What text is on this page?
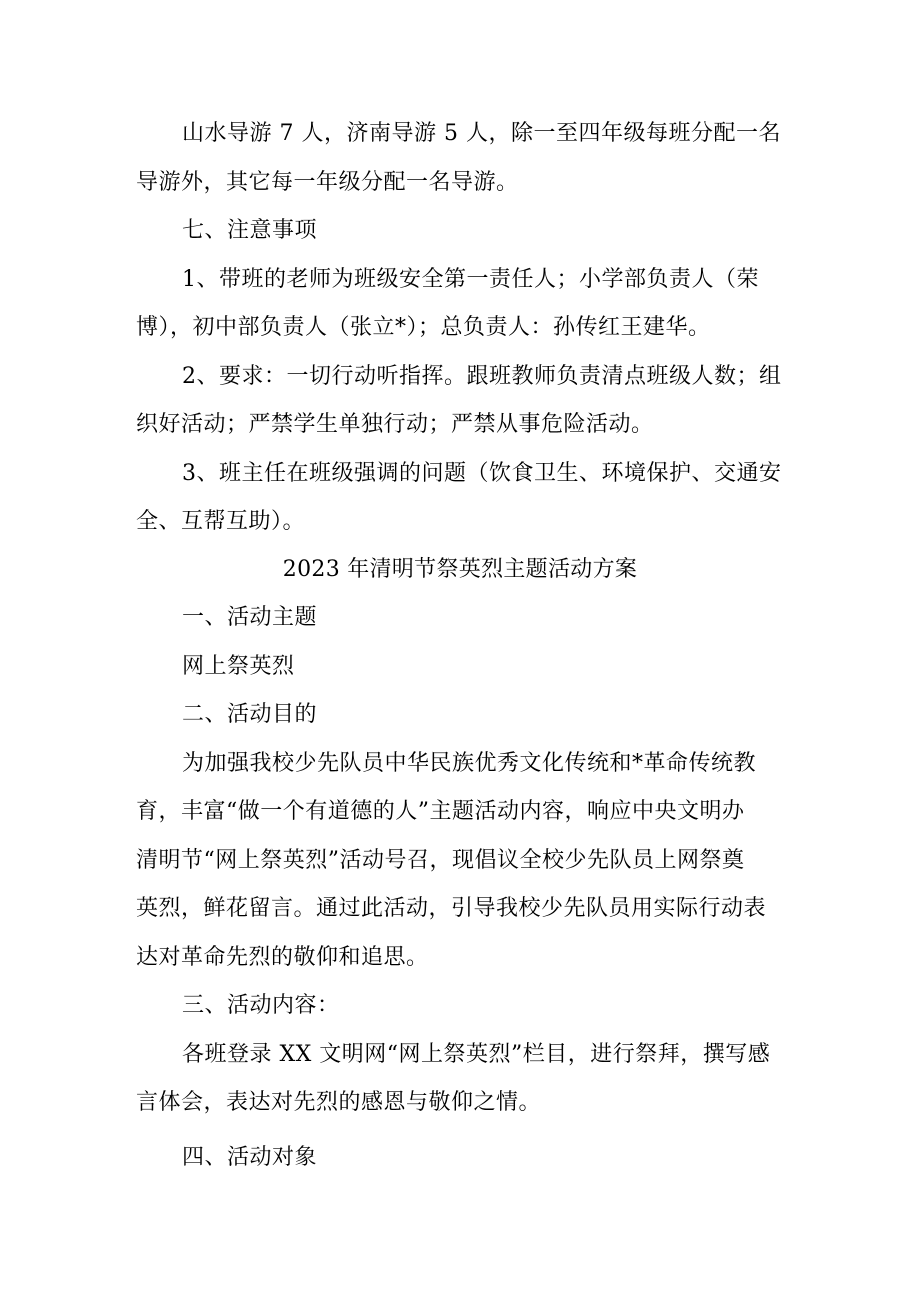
山水导游 7 人，济南导游 5 人，除一至四年级每班分配一名
导游外，其它每一年级分配一名导游。
七、注意事项
1、带班的老师为班级安全第一责任人；小学部负责人（荣
博），初中部负责人（张立*）；总负责人：孙传红王建华。
2、要求：一切行动听指挥。跟班教师负责清点班级人数；组
织好活动；严禁学生单独行动；严禁从事危险活动。
3、班主任在班级强调的问题（饮食卫生、环境保护、交通安
全、互帮互助）。
2023 年清明节祭英烈主题活动方案
一、活动主题
网上祭英烈
二、活动目的
为加强我校少先队员中华民族优秀文化传统和*革命传统教
育，丰富“做一个有道德的人”主题活动内容，响应中央文明办
清明节“网上祭英烈”活动号召，现倡议全校少先队员上网祭奠
英烈，鲜花留言。通过此活动，引导我校少先队员用实际行动表
达对革命先烈的敬仰和追思。
三、活动内容：
各班登录 XX 文明网“网上祭英烈”栏目，进行祭拜，撰写感
言体会，表达对先烈的感恩与敬仰之情。
四、活动对象
